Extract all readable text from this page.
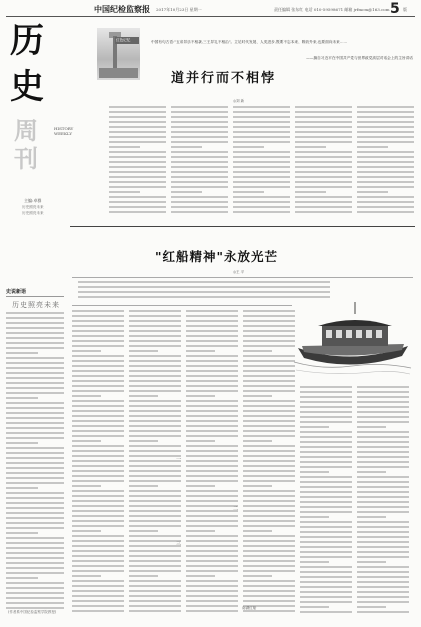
中国纪检监察报 2017年10月23日 星期一	责任编辑 张东红 电话 010-59598671 邮箱 jrfmcm@163.com 5 版
历
史
HISTORY WEEKLY
周
刊
主编:卓群
历史照亮未来
历史照亮未来
史说新语
历史照亮未来
(作者系中国纪检监察学院教授)
红色记忆	中国有句古语:"五帝异乐不相袭,三王异礼不相沿"。立足时代发展、人类进步,既要不忘本来、吸收外来,也要面向未来……
——摘自习近平在中国共产党与世界政党高层对话会上的主旨讲话
道并行而不相悖
◎刘 新
"红船精神"永放光芒
◎王 平
一
二
三
南湖红船
